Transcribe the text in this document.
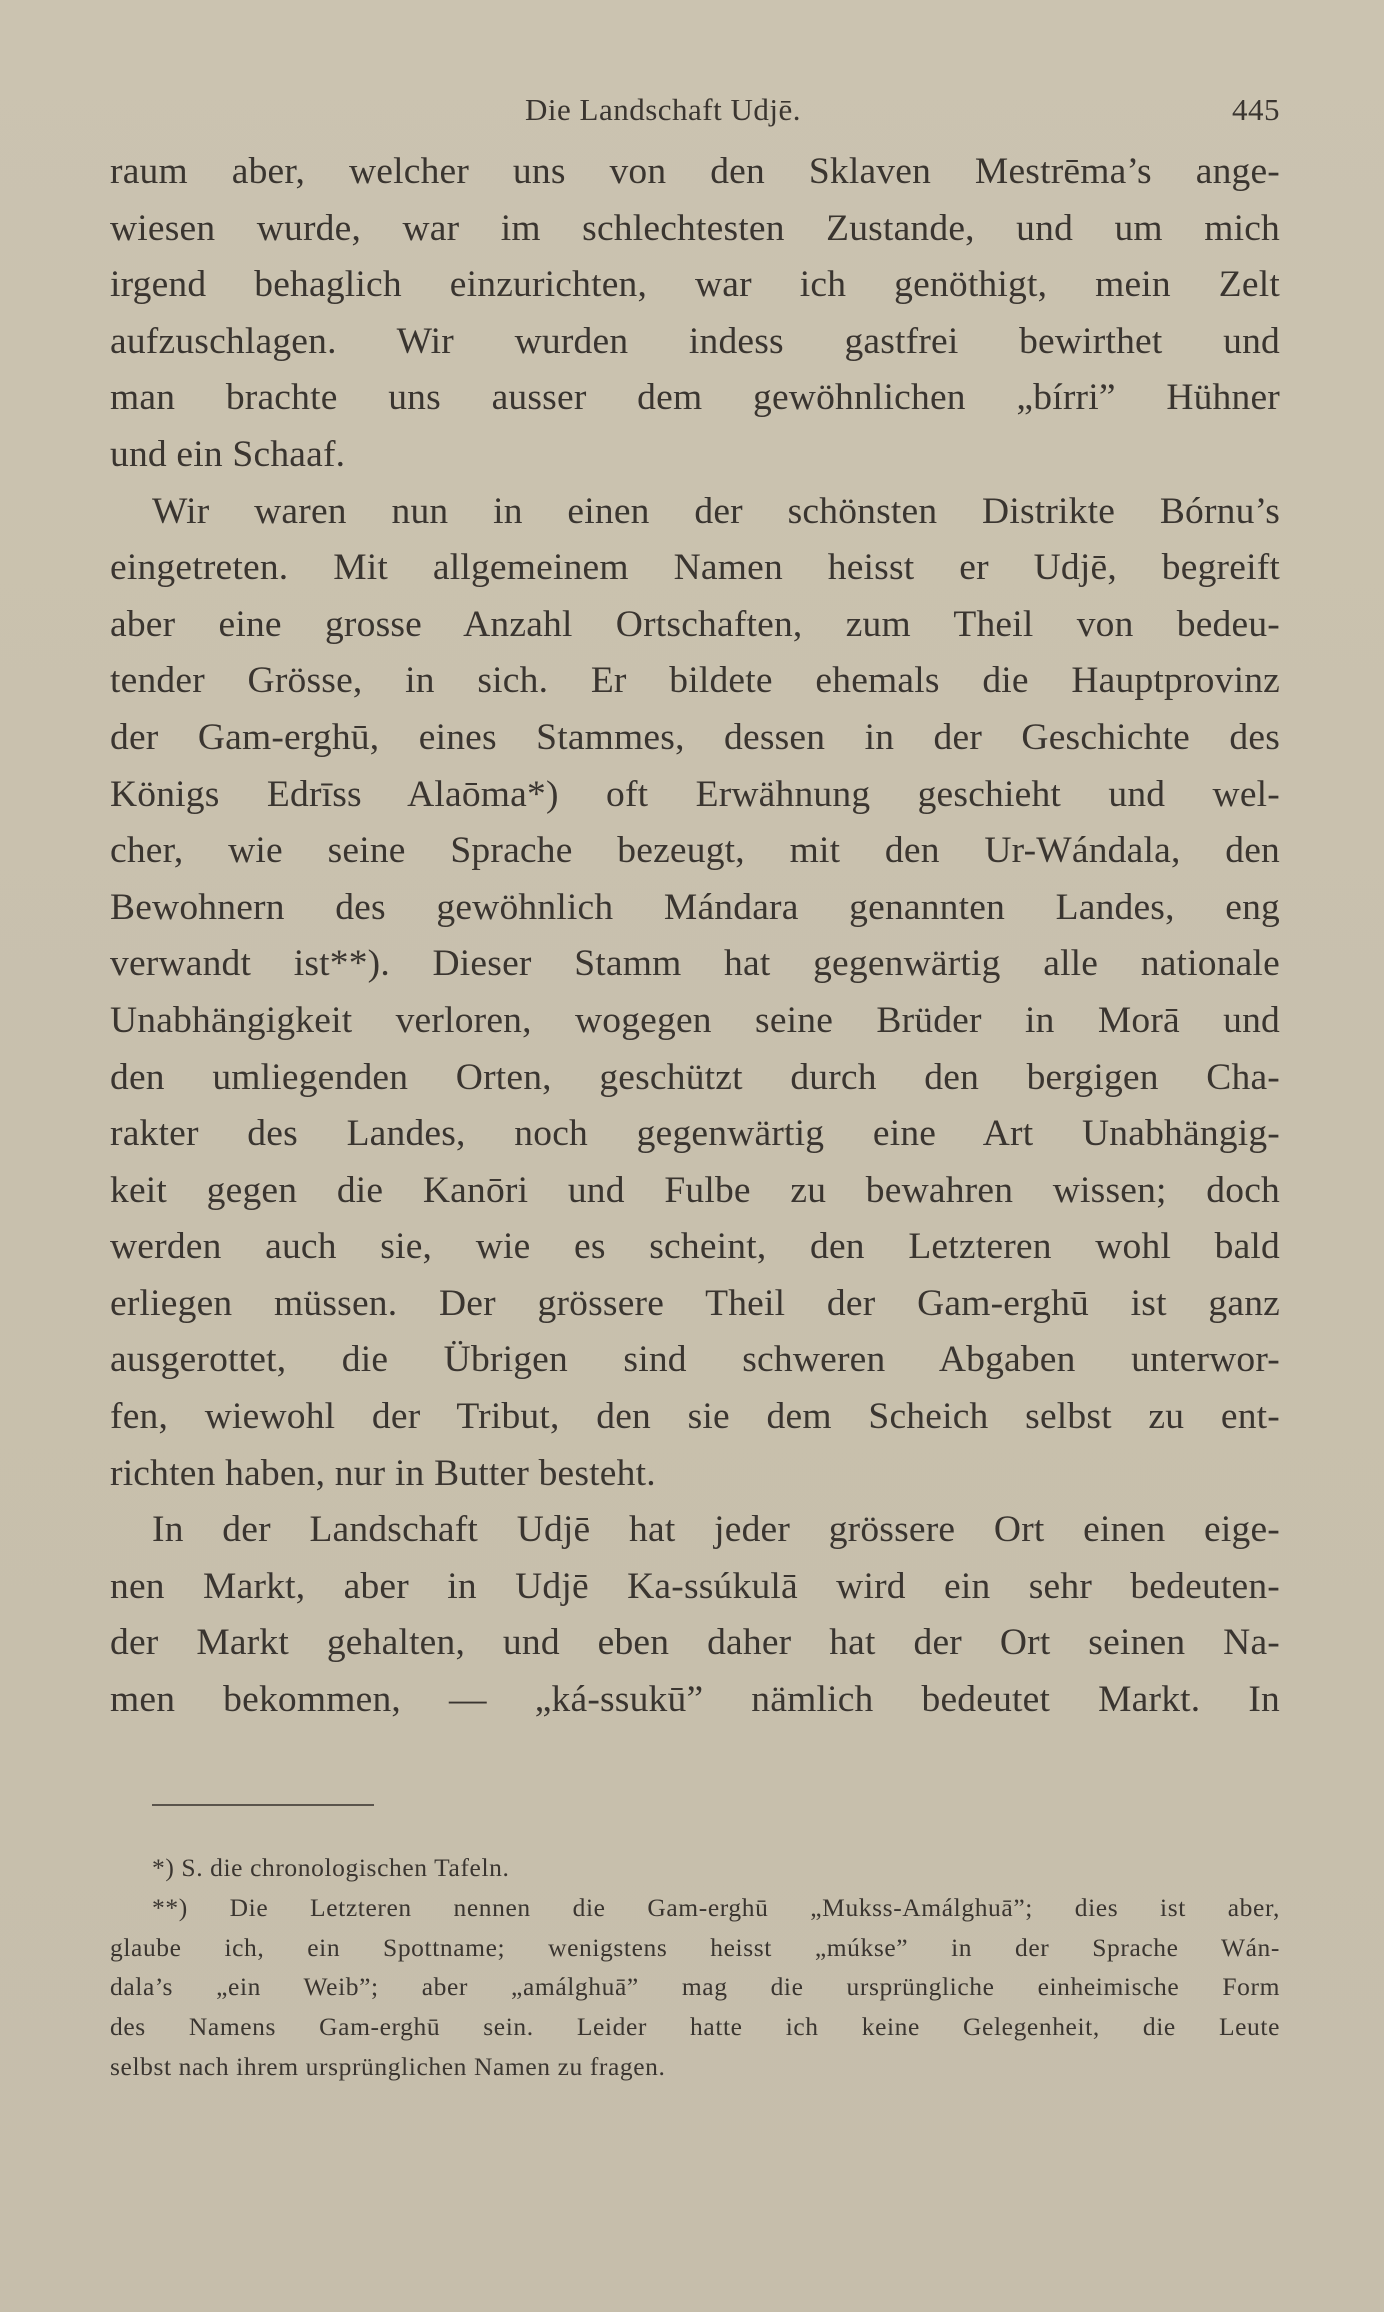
Die Landschaft Udjē.	445
raum aber, welcher uns von den Sklaven Mestrēma’s ange-
wiesen wurde, war im schlechtesten Zustande, und um mich
irgend behaglich einzurichten, war ich genöthigt, mein Zelt
aufzuschlagen. Wir wurden indess gastfrei bewirthet und
man brachte uns ausser dem gewöhnlichen „bírri” Hühner
und ein Schaaf.
Wir waren nun in einen der schönsten Distrikte Bórnu’s
eingetreten. Mit allgemeinem Namen heisst er Udjē, begreift
aber eine grosse Anzahl Ortschaften, zum Theil von bedeu-
tender Grösse, in sich. Er bildete ehemals die Hauptprovinz
der Gam-erghū, eines Stammes, dessen in der Geschichte des
Königs Edrīss Alaōma*) oft Erwähnung geschieht und wel-
cher, wie seine Sprache bezeugt, mit den Ur-Wándala, den
Bewohnern des gewöhnlich Mándara genannten Landes, eng
verwandt ist**). Dieser Stamm hat gegenwärtig alle nationale
Unabhängigkeit verloren, wogegen seine Brüder in Morā und
den umliegenden Orten, geschützt durch den bergigen Cha-
rakter des Landes, noch gegenwärtig eine Art Unabhängig-
keit gegen die Kanōri und Fulbe zu bewahren wissen; doch
werden auch sie, wie es scheint, den Letzteren wohl bald
erliegen müssen. Der grössere Theil der Gam-erghū ist ganz
ausgerottet, die Übrigen sind schweren Abgaben unterwor-
fen, wiewohl der Tribut, den sie dem Scheich selbst zu ent-
richten haben, nur in Butter besteht.
In der Landschaft Udjē hat jeder grössere Ort einen eige-
nen Markt, aber in Udjē Ka-ssúkulā wird ein sehr bedeuten-
der Markt gehalten, und eben daher hat der Ort seinen Na-
men bekommen, — „ká-ssukū” nämlich bedeutet Markt. In
*) S. die chronologischen Tafeln.
**) Die Letzteren nennen die Gam-erghū „Mukss-Amálghuā”; dies ist aber,
glaube ich, ein Spottname; wenigstens heisst „múkse” in der Sprache Wán-
dala’s „ein Weib”; aber „amálghuā” mag die ursprüngliche einheimische Form
des Namens Gam-erghū sein. Leider hatte ich keine Gelegenheit, die Leute
selbst nach ihrem ursprünglichen Namen zu fragen.
